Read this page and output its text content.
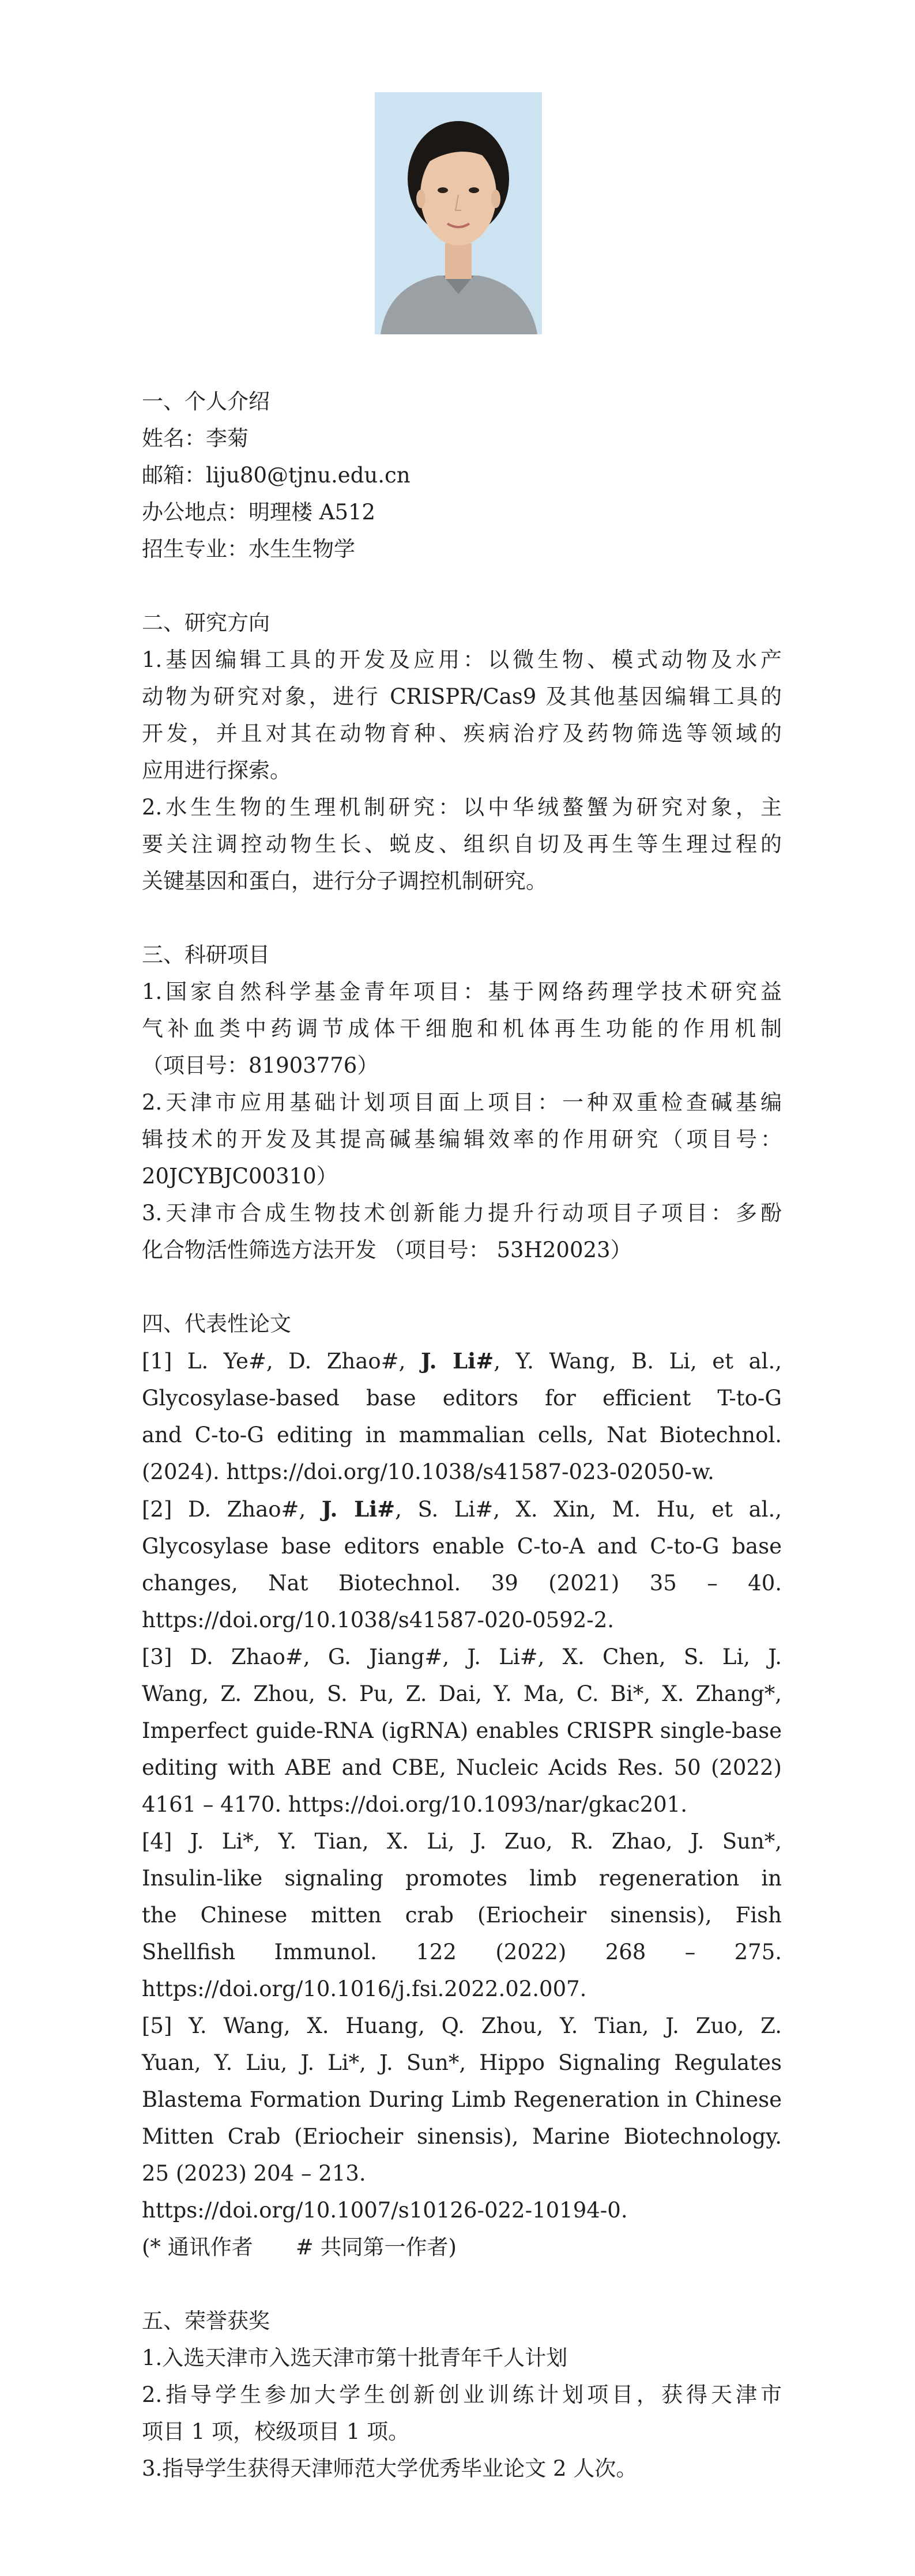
一、个人介绍

姓名：李菊

邮箱：liju80@tjnu.edu.cn

办公地点：明理楼 A512

招生专业：水生生物学

二、研究方向

1.基因编辑工具的开发及应用：以微生物、模式动物及水产

动物为研究对象，进行 CRISPR/Cas9 及其他基因编辑工具的

开发，并且对其在动物育种、疾病治疗及药物筛选等领域的

应用进行探索。

2.水生生物的生理机制研究：以中华绒螯蟹为研究对象，主

要关注调控动物生长、蜕皮、组织自切及再生等生理过程的

关键基因和蛋白，进行分子调控机制研究。

三、科研项目

1.国家自然科学基金青年项目：基于网络药理学技术研究益

气补血类中药调节成体干细胞和机体再生功能的作用机制

（项目号：81903776）

2.天津市应用基础计划项目面上项目：一种双重检查碱基编

辑技术的开发及其提高碱基编辑效率的作用研究（项目号：

20JCYBJC00310）

3.天津市合成生物技术创新能力提升行动项目子项目：多酚

化合物活性筛选方法开发 （项目号： 53H20023）

四、代表性论文

[1] L. Ye#, D. Zhao#, J. Li#, Y. Wang, B. Li, et al.,

Glycosylase-based base editors for efficient T-to-G

and C-to-G editing in mammalian cells, Nat Biotechnol.

(2024). https://doi.org/10.1038/s41587-023-02050-w.

[2] D. Zhao#, J. Li#, S. Li#, X. Xin, M. Hu, et al.,

Glycosylase base editors enable C-to-A and C-to-G base

changes, Nat Biotechnol. 39 (2021) 35 – 40.

https://doi.org/10.1038/s41587-020-0592-2.

[3] D. Zhao#, G. Jiang#, J. Li#, X. Chen, S. Li, J.

Wang, Z. Zhou, S. Pu, Z. Dai, Y. Ma, C. Bi*, X. Zhang*,

Imperfect guide-RNA (igRNA) enables CRISPR single-base

editing with ABE and CBE, Nucleic Acids Res. 50 (2022)

4161 – 4170. https://doi.org/10.1093/nar/gkac201.

[4] J. Li*, Y. Tian, X. Li, J. Zuo, R. Zhao, J. Sun*,

Insulin-like signaling promotes limb regeneration in

the Chinese mitten crab (Eriocheir sinensis), Fish

Shellfish Immunol. 122 (2022) 268 – 275.

https://doi.org/10.1016/j.fsi.2022.02.007.

[5] Y. Wang, X. Huang, Q. Zhou, Y. Tian, J. Zuo, Z.

Yuan, Y. Liu, J. Li*, J. Sun*, Hippo Signaling Regulates

Blastema Formation During Limb Regeneration in Chinese

Mitten Crab (Eriocheir sinensis), Marine Biotechnology.

25 (2023) 204 – 213.

https://doi.org/10.1007/s10126-022-10194-0.

(* 通讯作者　　# 共同第一作者)

五、荣誉获奖

1.入选天津市入选天津市第十批青年千人计划

2.指导学生参加大学生创新创业训练计划项目，获得天津市

项目 1 项，校级项目 1 项。

3.指导学生获得天津师范大学优秀毕业论文 2 人次。
